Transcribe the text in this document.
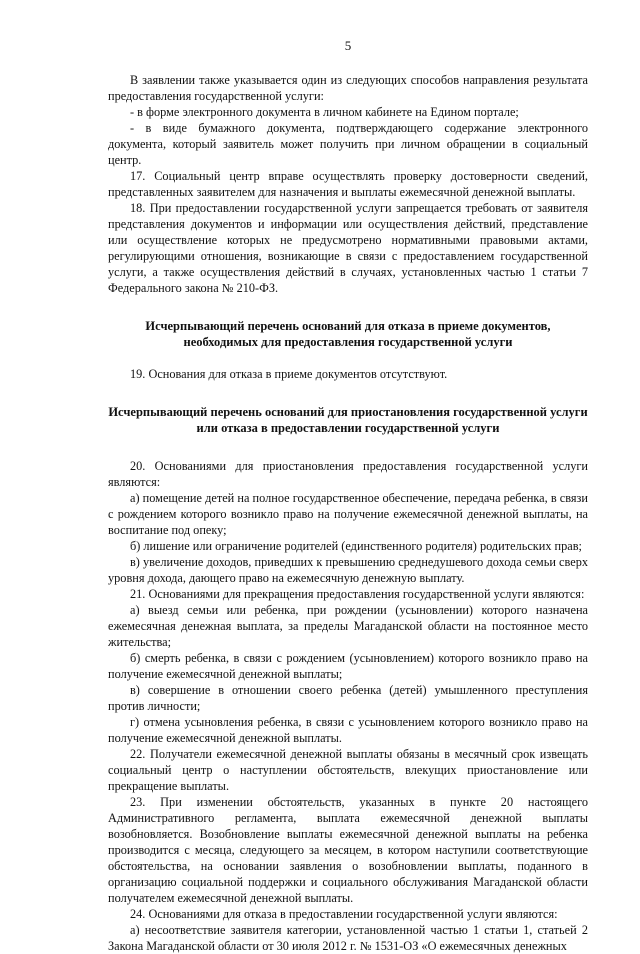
5

В заявлении также указывается один из следующих способов направления результата предоставления государственной услуги:

- в форме электронного документа в личном кабинете на Едином портале;

- в виде бумажного документа, подтверждающего содержание электронного документа, который заявитель может получить при личном обращении в социальный центр.

17. Социальный центр вправе осуществлять проверку достоверности сведений, представленных заявителем для назначения и выплаты ежемесячной денежной выплаты.

18. При предоставлении государственной услуги запрещается требовать от заявителя представления документов и информации или осуществления действий, представление или осуществление которых не предусмотрено нормативными правовыми актами, регулирующими отношения, возникающие в связи с предоставлением государственной услуги, а также осуществления действий в случаях, установленных частью 1 статьи 7 Федерального закона № 210-ФЗ.

Исчерпывающий перечень оснований для отказа в приеме документов, необходимых для предоставления государственной услуги

19. Основания для отказа в приеме документов отсутствуют.

Исчерпывающий перечень оснований для приостановления государственной услуги или отказа в предоставлении государственной услуги

20. Основаниями для приостановления предоставления государственной услуги являются:

а) помещение детей на полное государственное обеспечение, передача ребенка, в связи с рождением которого возникло право на получение ежемесячной денежной выплаты, на воспитание под опеку;

б) лишение или ограничение родителей (единственного родителя) родительских прав;

в) увеличение доходов, приведших к превышению среднедушевого дохода семьи сверх уровня дохода, дающего право на ежемесячную денежную выплату.

21. Основаниями для прекращения предоставления государственной услуги являются:

а) выезд семьи или ребенка, при рождении (усыновлении) которого назначена ежемесячная денежная выплата, за пределы Магаданской области на постоянное место жительства;

б) смерть ребенка, в связи с рождением (усыновлением) которого возникло право на получение ежемесячной денежной выплаты;

в) совершение в отношении своего ребенка (детей) умышленного преступления против личности;

г) отмена усыновления ребенка, в связи с усыновлением которого возникло право на получение ежемесячной денежной выплаты.

22. Получатели ежемесячной денежной выплаты обязаны в месячный срок извещать социальный центр о наступлении обстоятельств, влекущих приостановление или прекращение выплаты.

23. При изменении обстоятельств, указанных в пункте 20 настоящего Административного регламента, выплата ежемесячной денежной выплаты возобновляется. Возобновление выплаты ежемесячной денежной выплаты на ребенка производится с месяца, следующего за месяцем, в котором наступили соответствующие обстоятельства, на основании заявления о возобновлении выплаты, поданного в организацию социальной поддержки и социального обслуживания Магаданской области получателем ежемесячной денежной выплаты.

24. Основаниями для отказа в предоставлении государственной услуги являются:

а) несоответствие заявителя категории, установленной частью 1 статьи 1, статьей 2 Закона Магаданской области от 30 июля 2012 г. № 1531-ОЗ «О ежемесячных денежных
